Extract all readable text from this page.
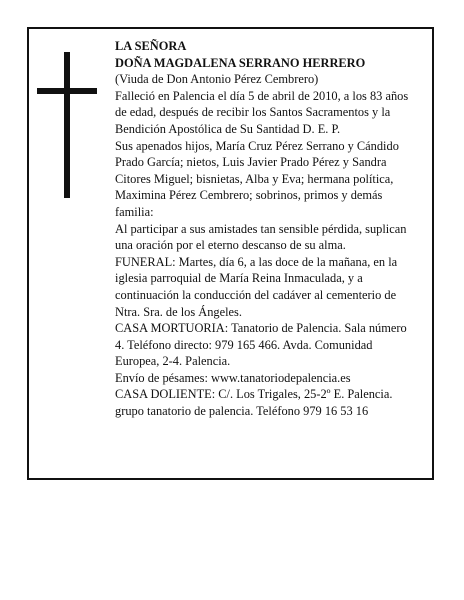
LA SEÑORA

DOÑA MAGDALENA SERRANO HERRERO

(Viuda de Don Antonio Pérez Cembrero)

Falleció en Palencia el día 5 de abril de 2010, a los 83 años de edad, después de recibir los Santos Sacramentos y la Bendición Apostólica de Su Santidad D. E. P.

Sus apenados hijos, María Cruz Pérez Serrano y Cándido Prado García; nietos, Luis Javier Prado Pérez y Sandra Citores Miguel; bisnietas, Alba y Eva; hermana política, Maximina Pérez Cembrero; sobrinos, primos y demás familia:

Al participar a sus amistades tan sensible pérdida, suplican una oración por el eterno descanso de su alma.

FUNERAL: Martes, día 6, a las doce de la mañana, en la iglesia parroquial de María Reina Inmaculada, y a continuación la conducción del cadáver al cementerio de Ntra. Sra. de los Ángeles.

CASA MORTUORIA: Tanatorio de Palencia. Sala número 4. Teléfono directo: 979 165 466. Avda. Comunidad Europea, 2-4. Palencia.

Envío de pésames: www.tanatoriodepalencia.es

CASA DOLIENTE: C/. Los Trigales, 25-2º E. Palencia.

grupo tanatorio de palencia. Teléfono 979 16 53 16
